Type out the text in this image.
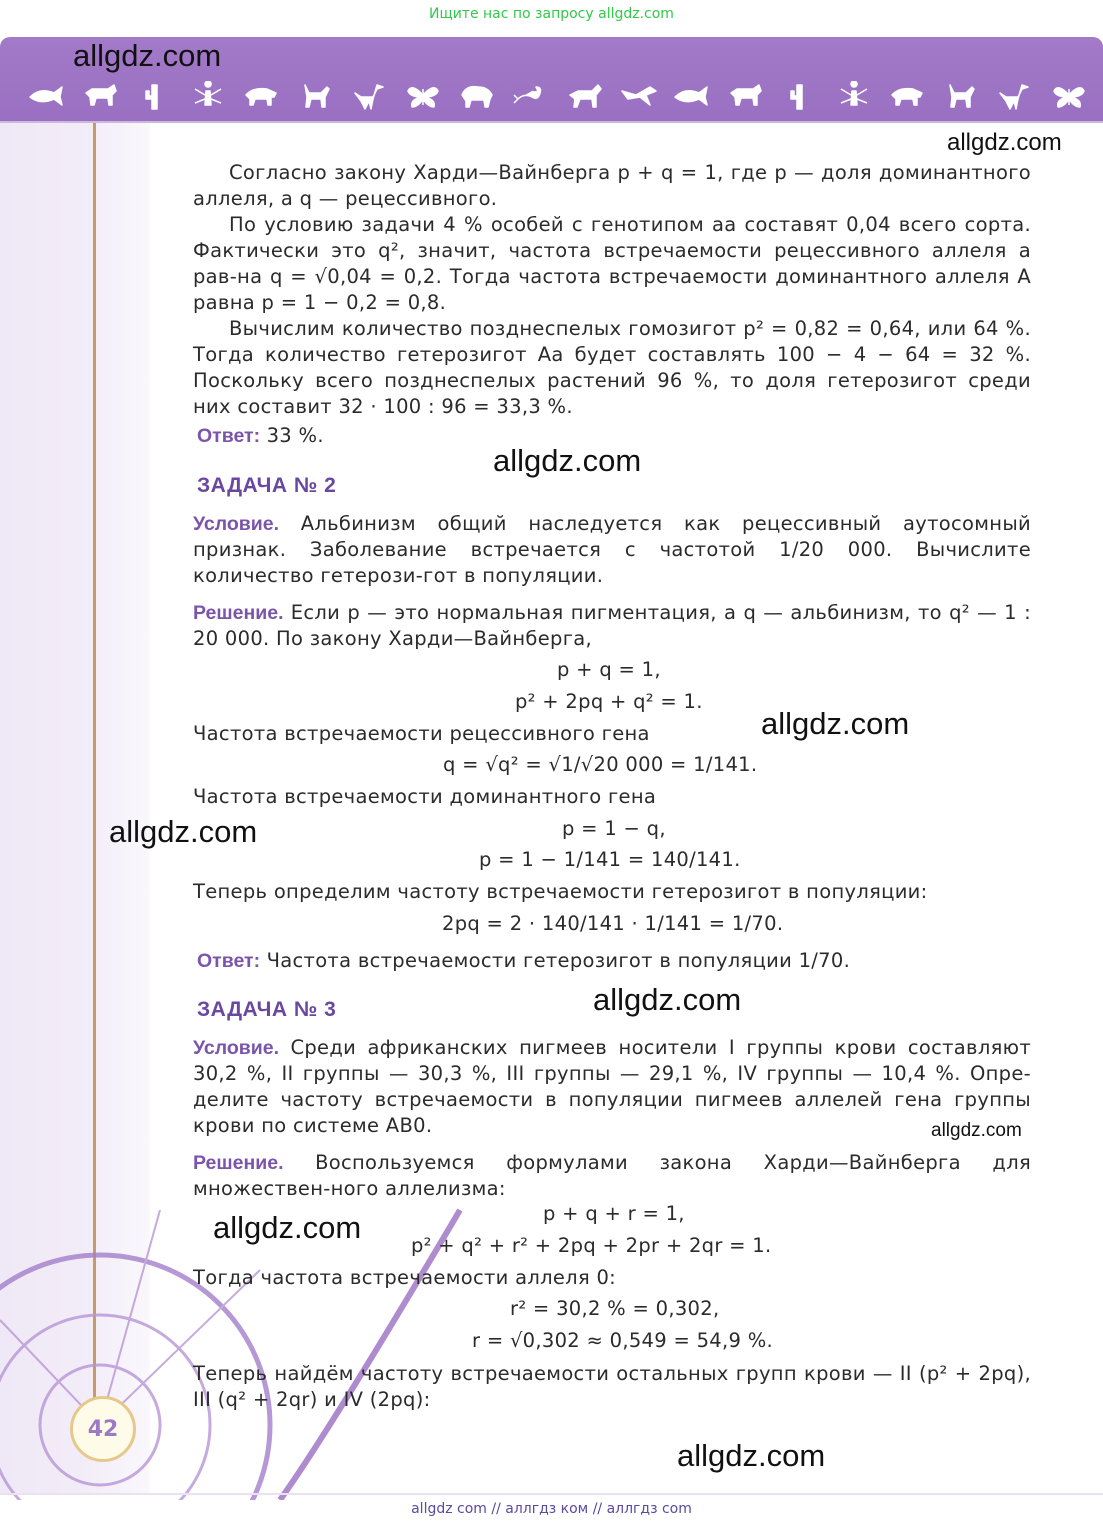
Ищите нас по запросу allgdz.com
42
allgdz.com
allgdz.com
allgdz.com
allgdz.com
allgdz.com
allgdz.com
allgdz.com
allgdz.com
allgdz.com

Согласно закону Харди—Вайнберга p + q = 1, где p — доля доминантного аллеля, а q — рецессивного.

По условию задачи 4 % особей с генотипом aa составят 0,04 всего сорта. Фактически это q², значит, частота встречаемости рецессивного аллеля a рав-на q = √0,04 = 0,2. Тогда частота встречаемости доминантного аллеля A равна p = 1 − 0,2 = 0,8.

Вычислим количество позднеспелых гомозигот p² = 0,82 = 0,64, или 64 %. Тогда количество гетерозигот Aa будет составлять 100 − 4 − 64 = 32 %. Поскольку всего позднеспелых растений 96 %, то доля гетерозигот среди них составит 32 · 100 : 96 = 33,3 %.

Ответ: 33 %.
ЗАДАЧА № 2

Условие. Альбинизм общий наследуется как рецессивный аутосомный признак. Заболевание встречается с частотой 1/20 000. Вычислите количество гетерози-гот в популяции.

Решение. Если p — это нормальная пигментация, а q — альбинизм, то q² — 1 : 20 000. По закону Харди—Вайнберга,

p + q = 1,
p² + 2pq + q² = 1.
Частота встречаемости рецессивного гена
q = √q² = √1/√20 000 = 1/141.
Частота встречаемости доминантного гена
p = 1 − q,
p = 1 − 1/141 = 140/141.
Теперь определим частоту встречаемости гетерозигот в популяции:
2pq = 2 · 140/141 · 1/141 = 1/70.
Ответ: Частота встречаемости гетерозигот в популяции 1/70.
ЗАДАЧА № 3

Условие. Среди африканских пигмеев носители I группы крови составляют 30,2 %, II группы — 30,3 %, III группы — 29,1 %, IV группы — 10,4 %. Опре-делите частоту встречаемости в популяции пигмеев аллелей гена группы крови по системе AB0.

Решение. Воспользуемся формулами закона Харди—Вайнберга для множествен-ного аллелизма:

p + q + r = 1,
p² + q² + r² + 2pq + 2pr + 2qr = 1.
Тогда частота встречаемости аллеля 0:
r² = 30,2 % = 0,302,
r = √0,302 ≈ 0,549 = 54,9 %.

Теперь найдём частоту встречаемости остальных групп крови — II (p² + 2pq), III (q² + 2qr) и IV (2pq):

allgdz com // аллгдз ком // аллгдз com
